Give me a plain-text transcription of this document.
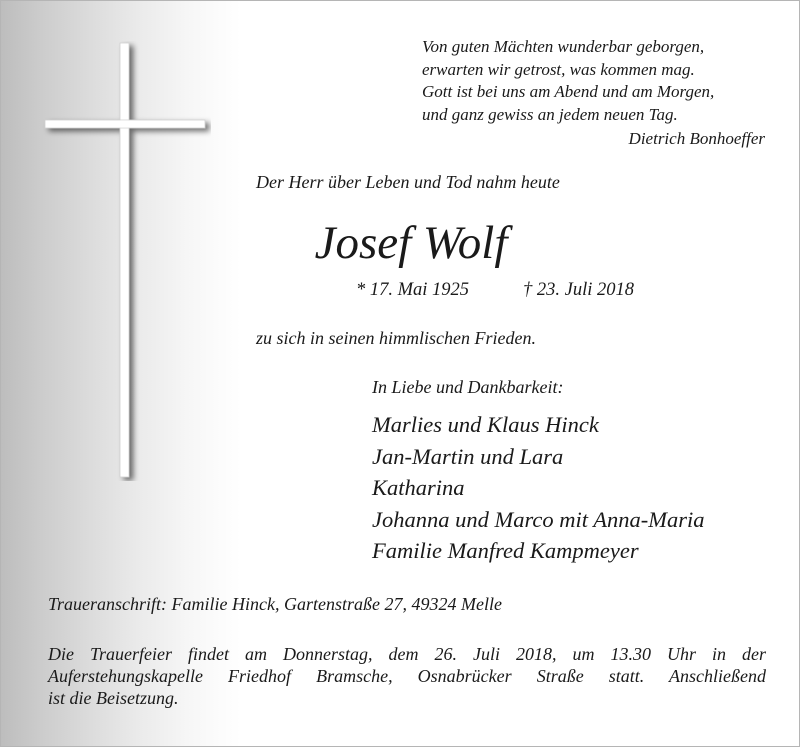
Von guten Mächten wunderbar geborgen,
erwarten wir getrost, was kommen mag.
Gott ist bei uns am Abend und am Morgen,
und ganz gewiss an jedem neuen Tag.
Dietrich Bonhoeffer
Der Herr über Leben und Tod nahm heute
Josef Wolf
* 17. Mai 1925	† 23. Juli 2018
zu sich in seinen himmlischen Frieden.
In Liebe und Dankbarkeit:
Marlies und Klaus Hinck
Jan-Martin und Lara
Katharina
Johanna und Marco mit Anna-Maria
Familie Manfred Kampmeyer
Traueranschrift: Familie Hinck, Gartenstraße 27, 49324 Melle
Die Trauerfeier findet am Donnerstag, dem 26. Juli 2018, um 13.30 Uhr in der
Auferstehungskapelle Friedhof Bramsche, Osnabrücker Straße statt. Anschließend
ist die Beisetzung.
